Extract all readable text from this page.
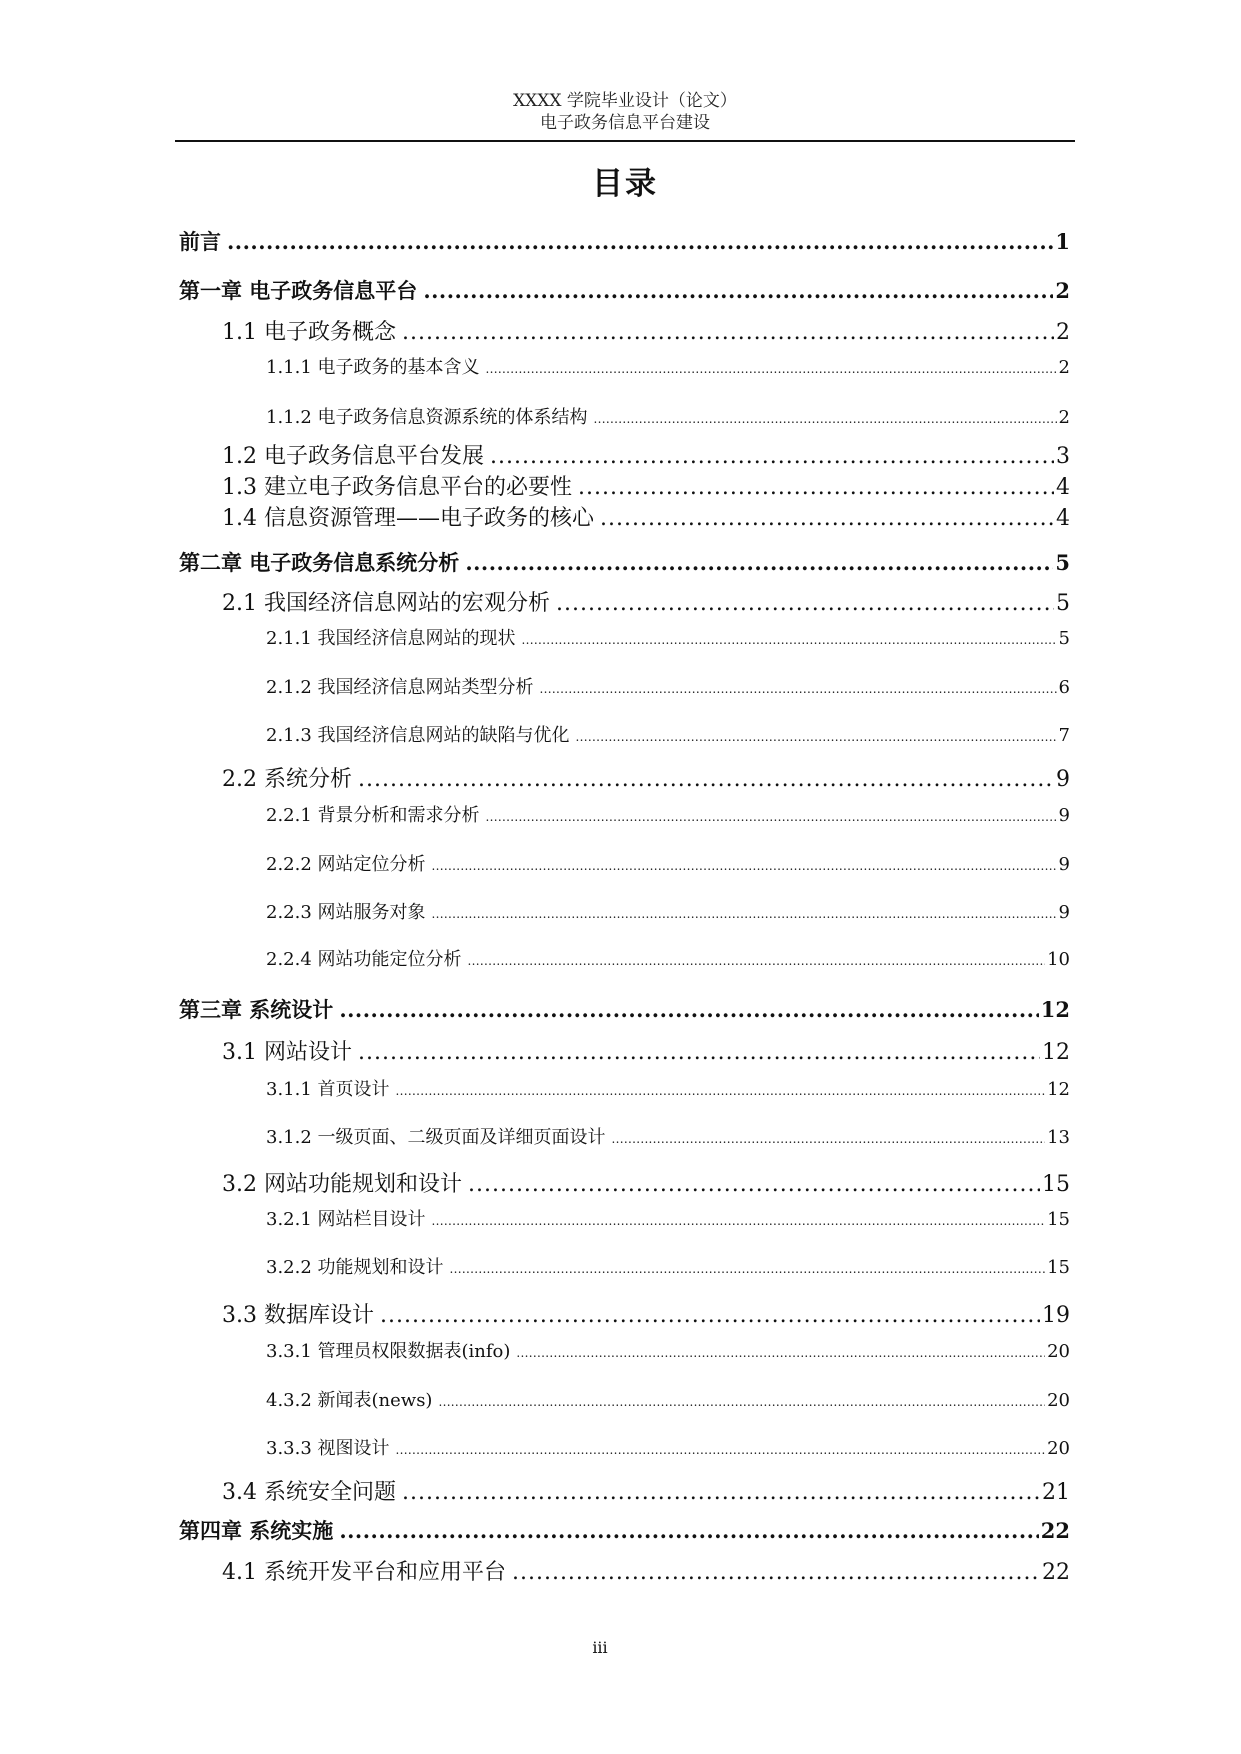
XXXX 学院毕业设计（论文）
电子政务信息平台建设
目录
前言 .....	1
第一章 电子政务信息平台 .....	2
1.1 电子政务概念 .....	2
1.1.1 电子政务的基本含义 .....	2
1.1.2 电子政务信息资源系统的体系结构 .....	2
1.2 电子政务信息平台发展 .....	3
1.3 建立电子政务信息平台的必要性 .....	4
1.4 信息资源管理——电子政务的核心 .....	4
第二章 电子政务信息系统分析 .....	5
2.1 我国经济信息网站的宏观分析 .....	5
2.1.1 我国经济信息网站的现状 .....	5
2.1.2 我国经济信息网站类型分析 .....	6
2.1.3 我国经济信息网站的缺陷与优化 .....	7
2.2 系统分析 .....	9
2.2.1 背景分析和需求分析 .....	9
2.2.2 网站定位分析 .....	9
2.2.3 网站服务对象 .....	9
2.2.4 网站功能定位分析 .....	10
第三章 系统设计 .....	12
3.1 网站设计 .....	12
3.1.1 首页设计 .....	12
3.1.2 一级页面、二级页面及详细页面设计 .....	13
3.2 网站功能规划和设计 .....	15
3.2.1 网站栏目设计 .....	15
3.2.2 功能规划和设计 .....	15
3.3 数据库设计 .....	19
3.3.1 管理员权限数据表(info) .....	20
4.3.2 新闻表(news) .....	20
3.3.3 视图设计 .....	20
3.4 系统安全问题 .....	21
第四章 系统实施 .....	22
4.1 系统开发平台和应用平台 .....	22
iii
